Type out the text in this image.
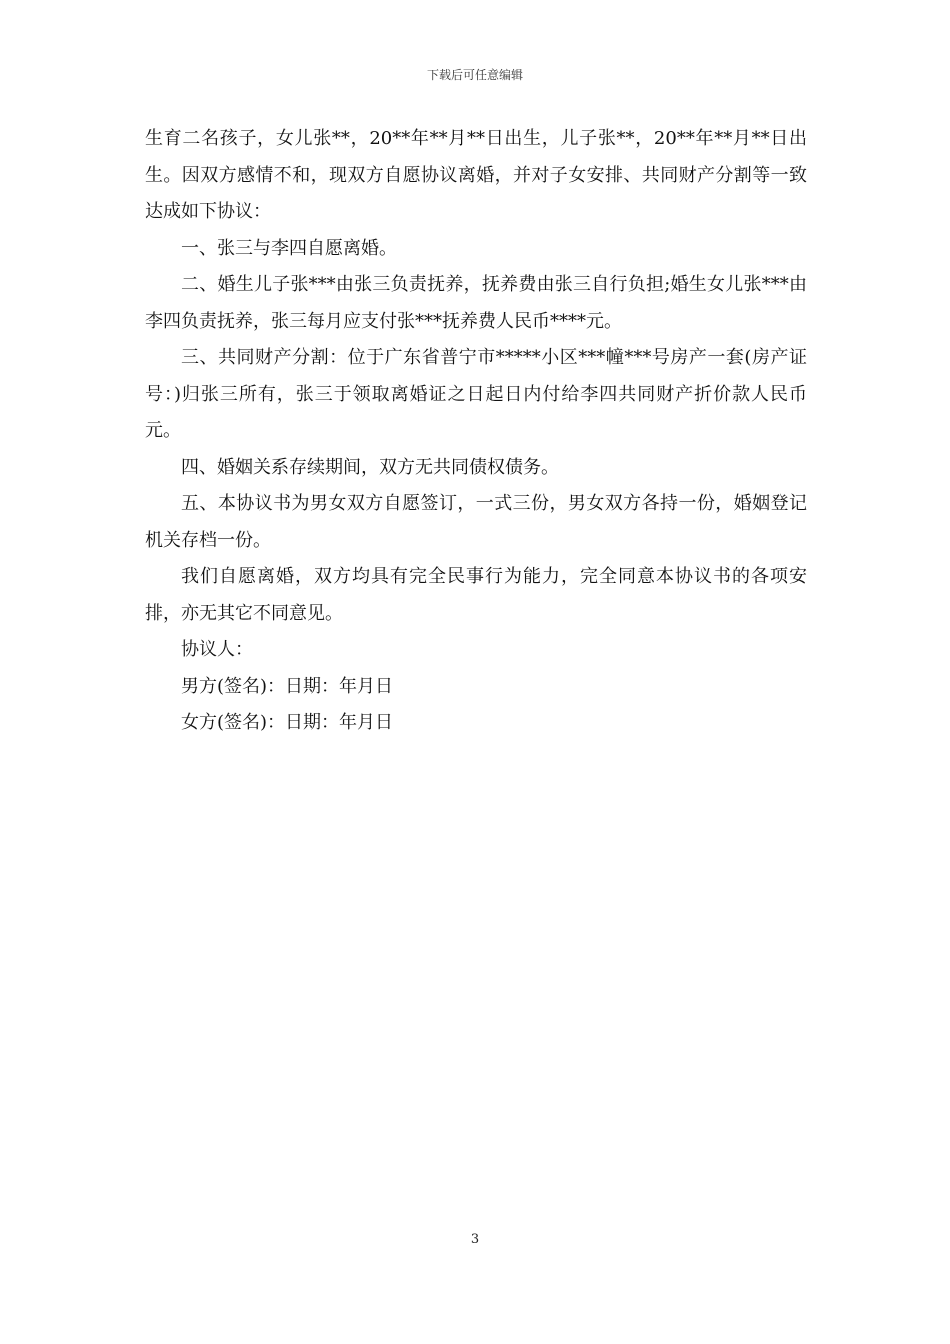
下载后可任意编辑

生育二名孩子，女儿张**，20**年**月**日出生，儿子张**，20**年**月**日出生。因双方感情不和，现双方自愿协议离婚，并对子女安排、共同财产分割等一致达成如下协议：

一、张三与李四自愿离婚。

二、婚生儿子张***由张三负责抚养，抚养费由张三自行负担;婚生女儿张***由李四负责抚养，张三每月应支付张***抚养费人民币****元。

三、共同财产分割：位于广东省普宁市*****小区***幢***号房产一套(房产证号：)归张三所有，张三于领取离婚证之日起日内付给李四共同财产折价款人民币元。

四、婚姻关系存续期间，双方无共同债权债务。

五、本协议书为男女双方自愿签订，一式三份，男女双方各持一份，婚姻登记机关存档一份。

我们自愿离婚，双方均具有完全民事行为能力，完全同意本协议书的各项安排，亦无其它不同意见。

协议人：

男方(签名)：日期：年月日

女方(签名)：日期：年月日

3
